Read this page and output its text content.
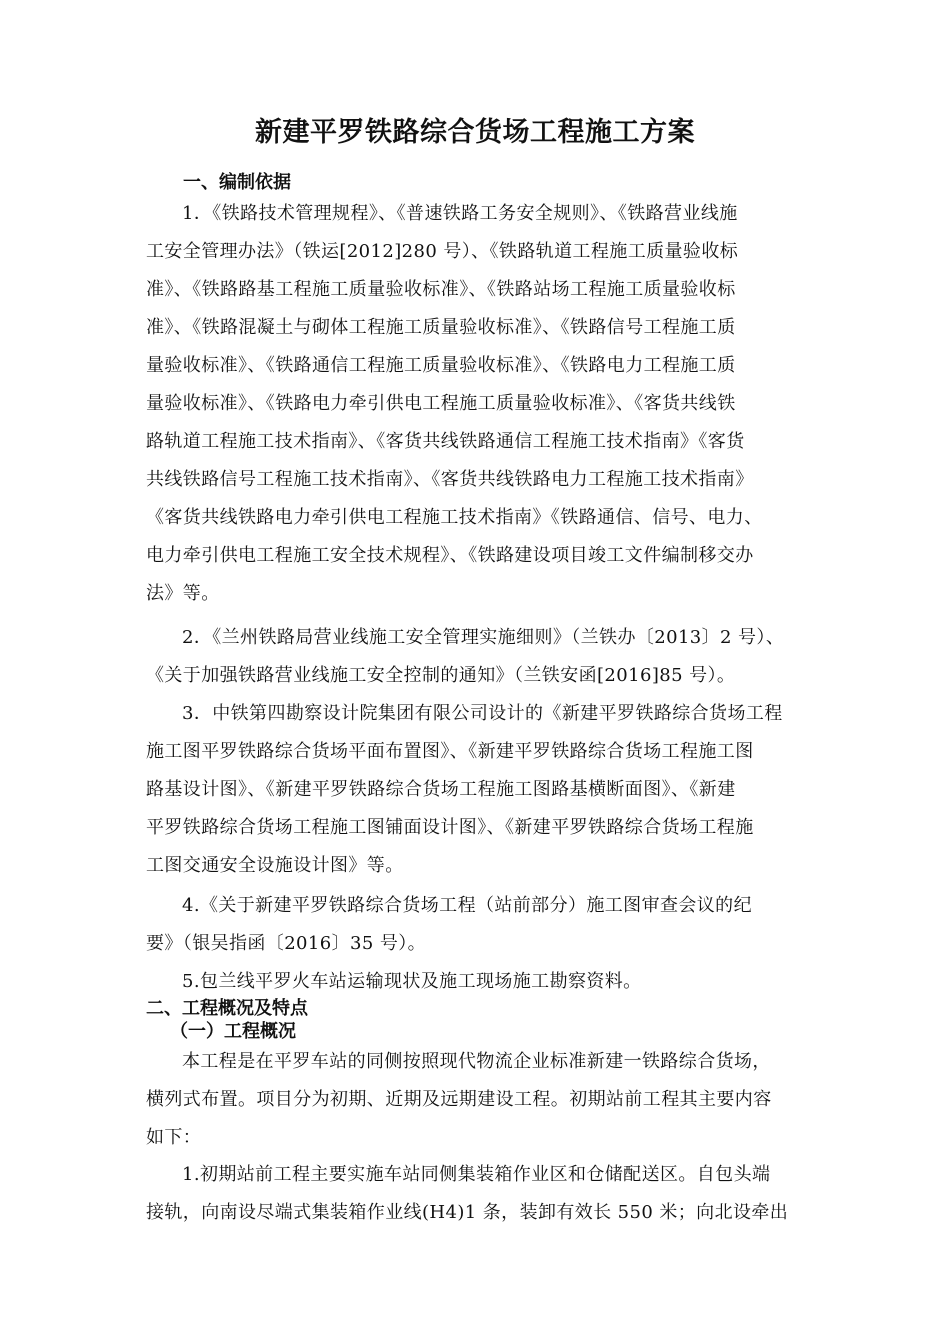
新建平罗铁路综合货场工程施工方案
一、编制依据
1．《铁路技术管理规程》、《普速铁路工务安全规则》、《铁路营业线施
工安全管理办法》（铁运[2012]280 号）、《铁路轨道工程施工质量验收标
准》、《铁路路基工程施工质量验收标准》、《铁路站场工程施工质量验收标
准》、《铁路混凝土与砌体工程施工质量验收标准》、《铁路信号工程施工质
量验收标准》、《铁路通信工程施工质量验收标准》、《铁路电力工程施工质
量验收标准》、《铁路电力牵引供电工程施工质量验收标准》、《客货共线铁
路轨道工程施工技术指南》、《客货共线铁路通信工程施工技术指南》《客货
共线铁路信号工程施工技术指南》、《客货共线铁路电力工程施工技术指南》
《客货共线铁路电力牵引供电工程施工技术指南》《铁路通信、信号、电力、
电力牵引供电工程施工安全技术规程》、《铁路建设项目竣工文件编制移交办
法》等。
2．《兰州铁路局营业线施工安全管理实施细则》（兰铁办〔2013〕2 号）、
《关于加强铁路营业线施工安全控制的通知》（兰铁安函[2016]85 号）。
3．中铁第四勘察设计院集团有限公司设计的《新建平罗铁路综合货场工程
施工图平罗铁路综合货场平面布置图》、《新建平罗铁路综合货场工程施工图
路基设计图》、《新建平罗铁路综合货场工程施工图路基横断面图》、《新建
平罗铁路综合货场工程施工图铺面设计图》、《新建平罗铁路综合货场工程施
工图交通安全设施设计图》等。
4.《关于新建平罗铁路综合货场工程（站前部分）施工图审查会议的纪
要》（银吴指函〔2016〕35 号）。
5.包兰线平罗火车站运输现状及施工现场施工勘察资料。
二、工程概况及特点
（一）工程概况
本工程是在平罗车站的同侧按照现代物流企业标准新建一铁路综合货场，
横列式布置。项目分为初期、近期及远期建设工程。初期站前工程其主要内容
如下：
1.初期站前工程主要实施车站同侧集装箱作业区和仓储配送区。自包头端
接轨，向南设尽端式集装箱作业线(H4)1 条，装卸有效长 550 米；向北设牵出
